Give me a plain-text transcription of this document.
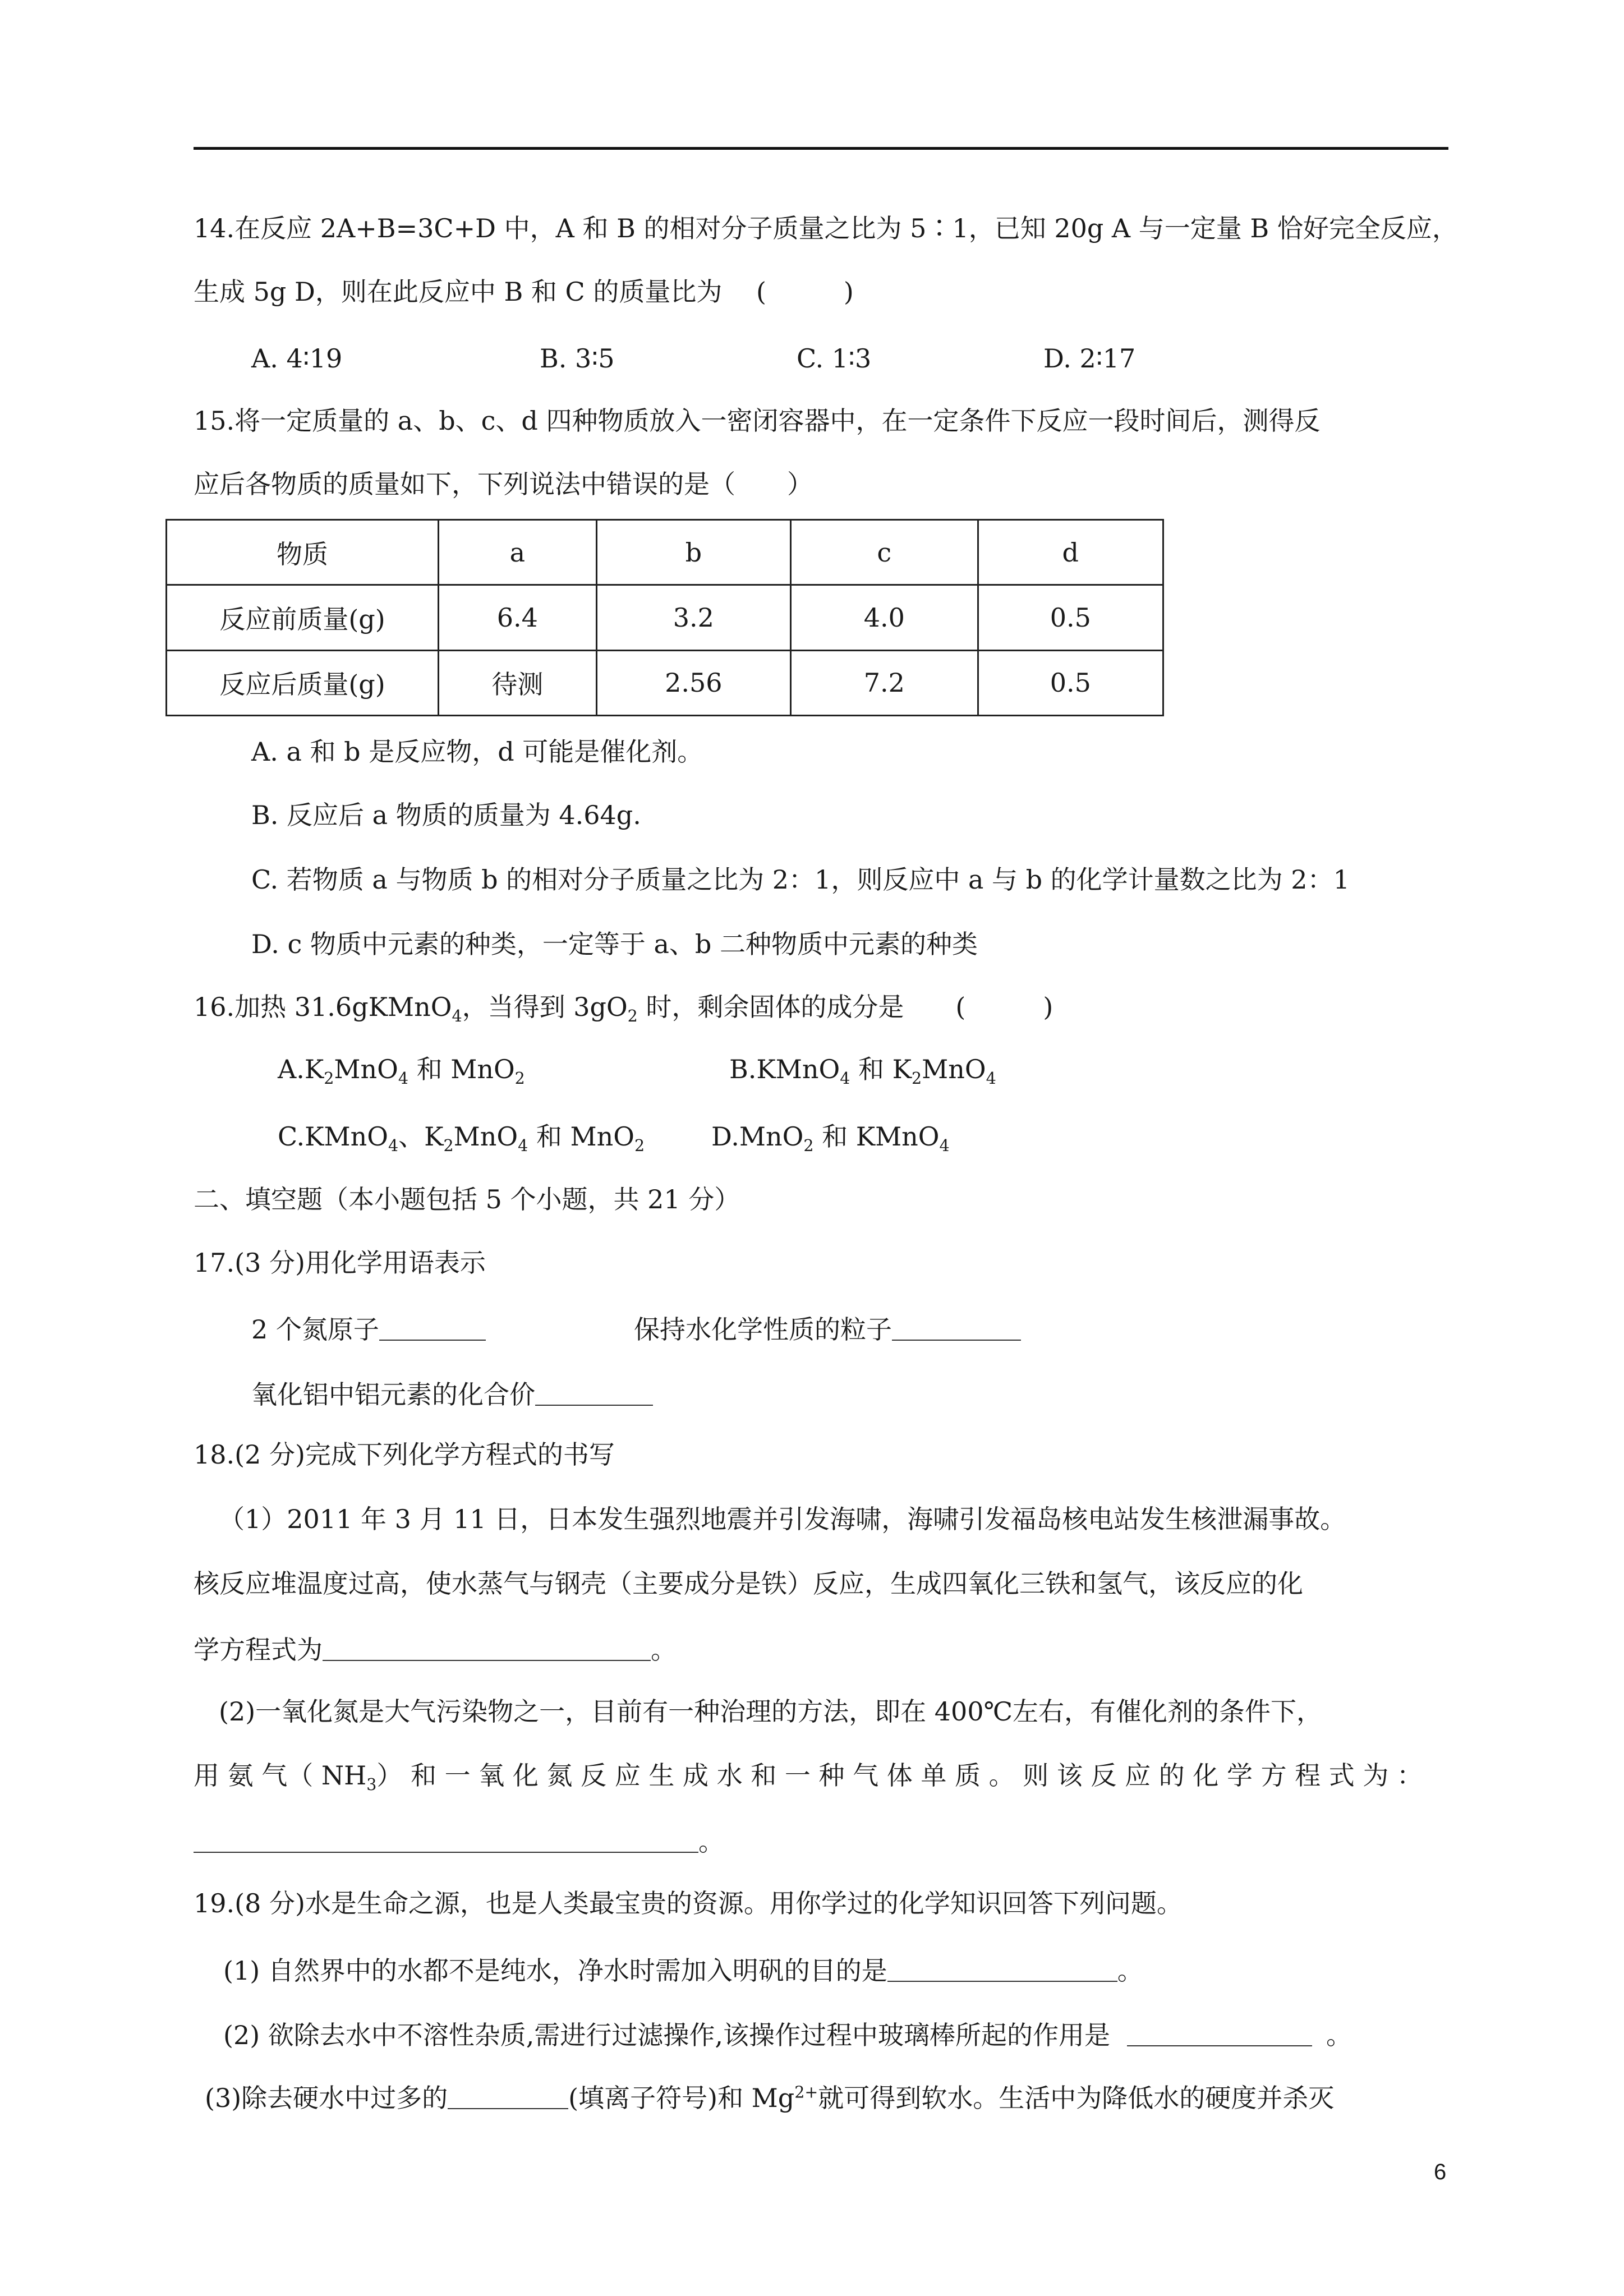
14.在反应 2A+B=3C+D 中，A 和 B 的相对分子质量之比为 5∶1，已知 20g A 与一定量 B 恰好完全反应，
生成 5g D，则在此反应中 B 和 C 的质量比为　 (　　　)
A. 4∶19	B. 3∶5	C. 1∶3	D. 2∶17
15.将一定质量的 a、b、c、d 四种物质放入一密闭容器中，在一定条件下反应一段时间后，测得反
应后各物质的质量如下，下列说法中错误的是（　　）
物质	a	b	c	d
反应前质量(g)	6.4	3.2	4.0	0.5
反应后质量(g)	待测	2.56	7.2	0.5
A. a 和 b 是反应物，d 可能是催化剂。
B. 反应后 a 物质的质量为 4.64g.
C. 若物质 a 与物质 b 的相对分子质量之比为 2：1，则反应中 a 与 b 的化学计量数之比为 2：1
D. c 物质中元素的种类，一定等于 a、b 二种物质中元素的种类
16.加热 31.6gKMnO$_4$，当得到 $3gO_2$ 时，剩余固体的成分是　　(　　　)
$A.K_2MnO_4$ 和 MnO$_2$	B.KMnO$_4$ 和 $K_2MnO_4$
C.KMnO$_4$、$K_2MnO_4$ 和 MnO$_2$	D.MnO$_2$ 和 KMnO$_4$
二、填空题（本小题包括 5 个小题，共 21 分）
17.(3 分)用化学用语表示
2 个氮原子	保持水化学性质的粒子
氧化铝中铝元素的化合价
18.(2 分)完成下列化学方程式的书写
（1）2011 年 3 月 11 日，日本发生强烈地震并引发海啸，海啸引发福岛核电站发生核泄漏事故。
核反应堆温度过高，使水蒸气与钢壳（主要成分是铁）反应，生成四氧化三铁和氢气，该反应的化
学方程式为	。
(2)一氧化氮是大气污染物之一，目前有一种治理的方法，即在 400℃左右，有催化剂的条件下，
用 氨 气（ $NH_3$） 和 一 氧 化 氮 反 应 生 成 水 和 一 种 气 体 单 质 。 则 该 反 应 的 化 学 方 程 式 为 ：
。
19.(8 分)水是生命之源，也是人类最宝贵的资源。用你学过的化学知识回答下列问题。
(1) 自然界中的水都不是纯水，净水时需加入明矾的目的是	。
(2) 欲除去水中不溶性杂质,需进行过滤操作,该操作过程中玻璃棒所起的作用是	。
(3)除去硬水中过多的	(填离子符号)和 $Mg^{2+}$就可得到软水。生活中为降低水的硬度并杀灭
6
